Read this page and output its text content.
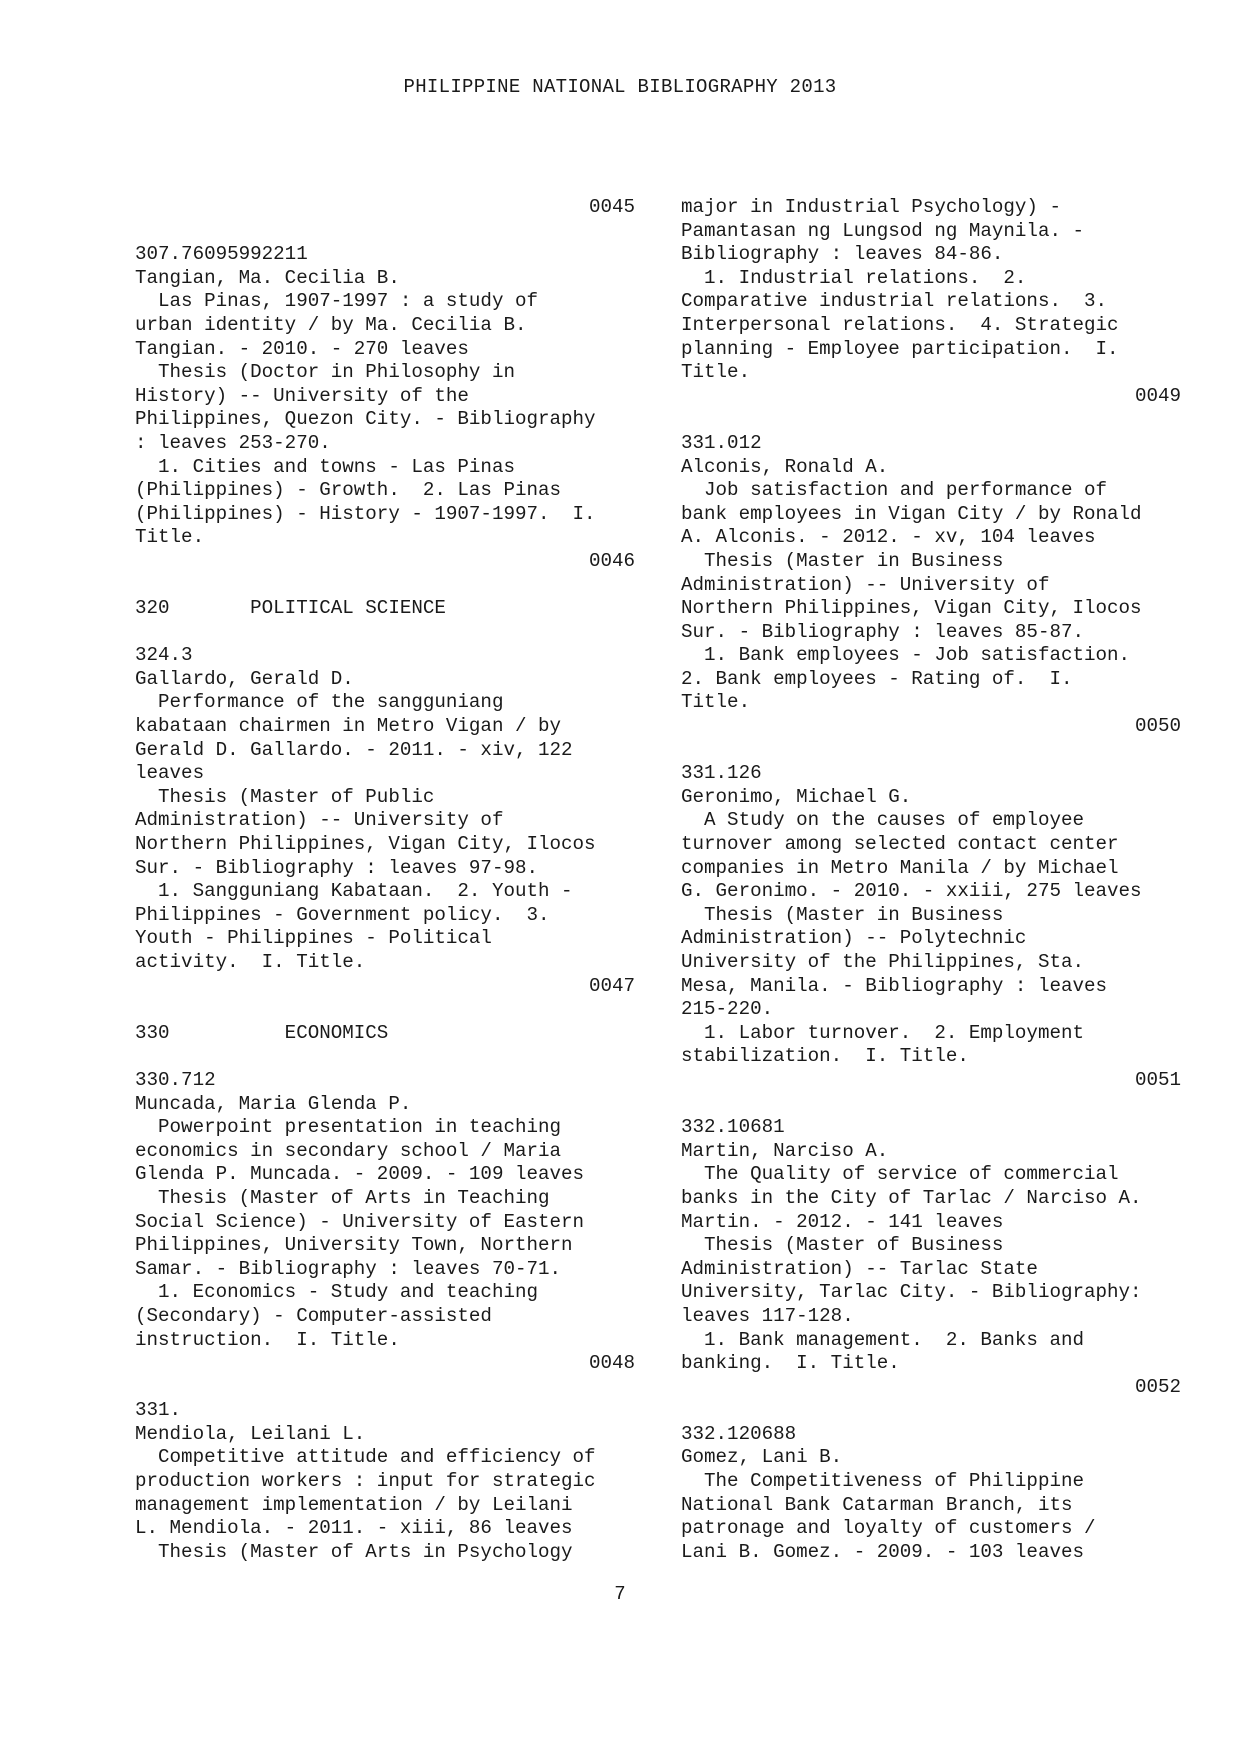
PHILIPPINE NATIONAL BIBLIOGRAPHY 2013
0045
307.76095992211
Tangian, Ma. Cecilia B.
Las Pinas, 1907-1997 : a study of
urban identity / by Ma. Cecilia B.
Tangian. - 2010. - 270 leaves
Thesis (Doctor in Philosophy in
History) -- University of the
Philippines, Quezon City. - Bibliography
: leaves 253-270.
1. Cities and towns - Las Pinas
(Philippines) - Growth.  2. Las Pinas
(Philippines) - History - 1907-1997.  I.
Title.
0046
320       POLITICAL SCIENCE
324.3
Gallardo, Gerald D.
Performance of the sangguniang
kabataan chairmen in Metro Vigan / by
Gerald D. Gallardo. - 2011. - xiv, 122
leaves
Thesis (Master of Public
Administration) -- University of
Northern Philippines, Vigan City, Ilocos
Sur. - Bibliography : leaves 97-98.
1. Sangguniang Kabataan.  2. Youth -
Philippines - Government policy.  3.
Youth - Philippines - Political
activity.  I. Title.
0047
330          ECONOMICS
330.712
Muncada, Maria Glenda P.
Powerpoint presentation in teaching
economics in secondary school / Maria
Glenda P. Muncada. - 2009. - 109 leaves
Thesis (Master of Arts in Teaching
Social Science) - University of Eastern
Philippines, University Town, Northern
Samar. - Bibliography : leaves 70-71.
1. Economics - Study and teaching
(Secondary) - Computer-assisted
instruction.  I. Title.
0048
331.
Mendiola, Leilani L.
Competitive attitude and efficiency of
production workers : input for strategic
management implementation / by Leilani
L. Mendiola. - 2011. - xiii, 86 leaves
Thesis (Master of Arts in Psychology
major in Industrial Psychology) -
Pamantasan ng Lungsod ng Maynila. -
Bibliography : leaves 84-86.
1. Industrial relations.  2.
Comparative industrial relations.  3.
Interpersonal relations.  4. Strategic
planning - Employee participation.  I.
Title.
0049
331.012
Alconis, Ronald A.
Job satisfaction and performance of
bank employees in Vigan City / by Ronald
A. Alconis. - 2012. - xv, 104 leaves
Thesis (Master in Business
Administration) -- University of
Northern Philippines, Vigan City, Ilocos
Sur. - Bibliography : leaves 85-87.
1. Bank employees - Job satisfaction.
2. Bank employees - Rating of.  I.
Title.
0050
331.126
Geronimo, Michael G.
A Study on the causes of employee
turnover among selected contact center
companies in Metro Manila / by Michael
G. Geronimo. - 2010. - xxiii, 275 leaves
Thesis (Master in Business
Administration) -- Polytechnic
University of the Philippines, Sta.
Mesa, Manila. - Bibliography : leaves
215-220.
1. Labor turnover.  2. Employment
stabilization.  I. Title.
0051
332.10681
Martin, Narciso A.
The Quality of service of commercial
banks in the City of Tarlac / Narciso A.
Martin. - 2012. - 141 leaves
Thesis (Master of Business
Administration) -- Tarlac State
University, Tarlac City. - Bibliography:
leaves 117-128.
1. Bank management.  2. Banks and
banking.  I. Title.
0052
332.120688
Gomez, Lani B.
The Competitiveness of Philippine
National Bank Catarman Branch, its
patronage and loyalty of customers /
Lani B. Gomez. - 2009. - 103 leaves
7
